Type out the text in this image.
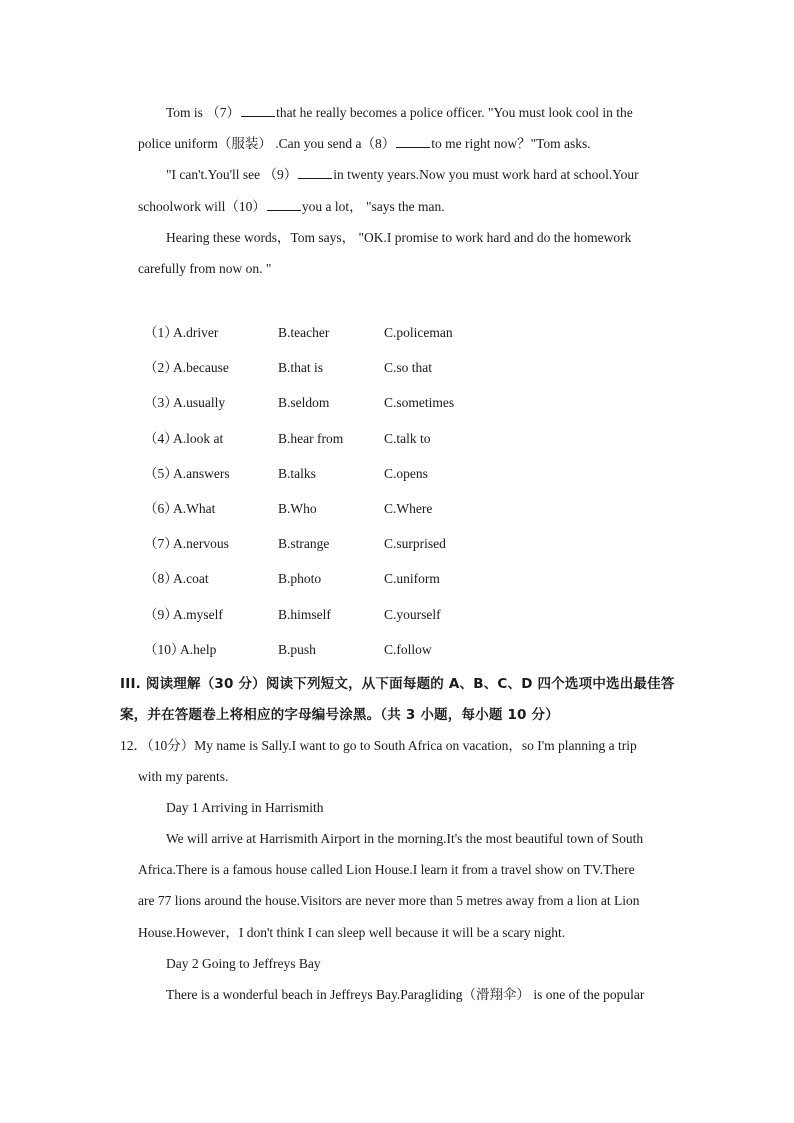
Tom is （7）	that he really becomes a police officer. "You must look cool in the
police uniform（服装） .Can you send a（8）	to me right now？"Tom asks.
"I can't.You'll see （9）	in twenty years.Now you must work hard at school.Your
schoolwork will（10）	you a lot， "says the man.
Hearing these words，Tom says， "OK.I promise to work hard and do the homework
carefully from now on. "
（1）
A.driver	B.teacher	C.policeman
（2）
A.because	B.that is	C.so that
（3）
A.usually	B.seldom	C.sometimes
（4）
A.look at	B.hear from	C.talk to
（5）
A.answers	B.talks	C.opens
（6）
A.What	B.Who	C.Where
（7）
A.nervous	B.strange	C.surprised
（8）
A.coat	B.photo	C.uniform
（9）
A.myself	B.himself	C.yourself
（10）
A.help	B.push	C.follow
III. 阅读理解（30 分）阅读下列短文，从下面每题的 A、B、C、D 四个选项中选出最佳答
案，并在答题卷上将相应的字母编号涂黑。（共 3 小题，每小题 10 分）
12．（10分）My name is Sally.I want to go to South Africa on vacation，so I'm planning a trip
with my parents.
Day 1 Arriving in Harrismith
We will arrive at Harrismith Airport in the morning.It's the most beautiful town of South
Africa.There is a famous house called Lion House.I learn it from a travel show on TV.There
are 77 lions around the house.Visitors are never more than 5 metres away from a lion at Lion
House.However，I don't think I can sleep well because it will be a scary night.
Day 2 Going to Jeffreys Bay
There is a wonderful beach in Jeffreys Bay.Paragliding（滑翔伞） is one of the popular
